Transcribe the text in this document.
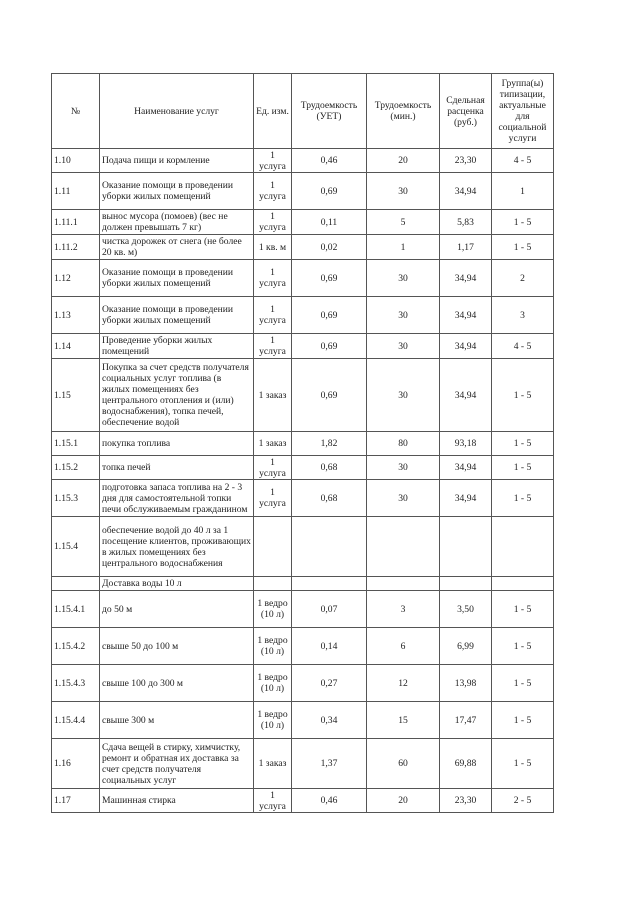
№	Наименование услуг	Ед. изм.	Трудоемкость (УЕТ)	Трудоемкость (мин.)	Сдельная расценка (руб.)	Группа(ы) типизации, актуальные для социальной услуги
1.10	Подача пищи и кормление	1 услуга	0,46	20	23,30	4 - 5
1.11	Оказание помощи в проведении уборки жилых помещений	1 услуга	0,69	30	34,94	1
1.11.1	вынос мусора (помоев) (вес не должен превышать 7 кг)	1 услуга	0,11	5	5,83	1 - 5
1.11.2	чистка дорожек от снега (не более 20 кв. м)	1 кв. м	0,02	1	1,17	1 - 5
1.12	Оказание помощи в проведении уборки жилых помещений	1 услуга	0,69	30	34,94	2
1.13	Оказание помощи в проведении уборки жилых помещений	1 услуга	0,69	30	34,94	3
1.14	Проведение уборки жилых помещений	1 услуга	0,69	30	34,94	4 - 5
1.15	Покупка за счет средств получателя социальных услуг топлива (в жилых помещениях без центрального отопления и (или) водоснабжения), топка печей, обеспечение водой	1 заказ	0,69	30	34,94	1 - 5
1.15.1	покупка топлива	1 заказ	1,82	80	93,18	1 - 5
1.15.2	топка печей	1 услуга	0,68	30	34,94	1 - 5
1.15.3	подготовка запаса топлива на 2 - 3 дня для самостоятельной топки печи обслуживаемым гражданином	1 услуга	0,68	30	34,94	1 - 5
1.15.4	обеспечение водой до 40 л за 1 посещение клиентов, проживающих в жилых помещениях без центрального водоснабжения					
	Доставка воды 10 л					
1.15.4.1	до 50 м	1 ведро (10 л)	0,07	3	3,50	1 - 5
1.15.4.2	свыше 50 до 100 м	1 ведро (10 л)	0,14	6	6,99	1 - 5
1.15.4.3	свыше 100 до 300 м	1 ведро (10 л)	0,27	12	13,98	1 - 5
1.15.4.4	свыше 300 м	1 ведро (10 л)	0,34	15	17,47	1 - 5
1.16	Сдача вещей в стирку, химчистку, ремонт и обратная их доставка за счет средств получателя социальных услуг	1 заказ	1,37	60	69,88	1 - 5
1.17	Машинная стирка	1 услуга	0,46	20	23,30	2 - 5
